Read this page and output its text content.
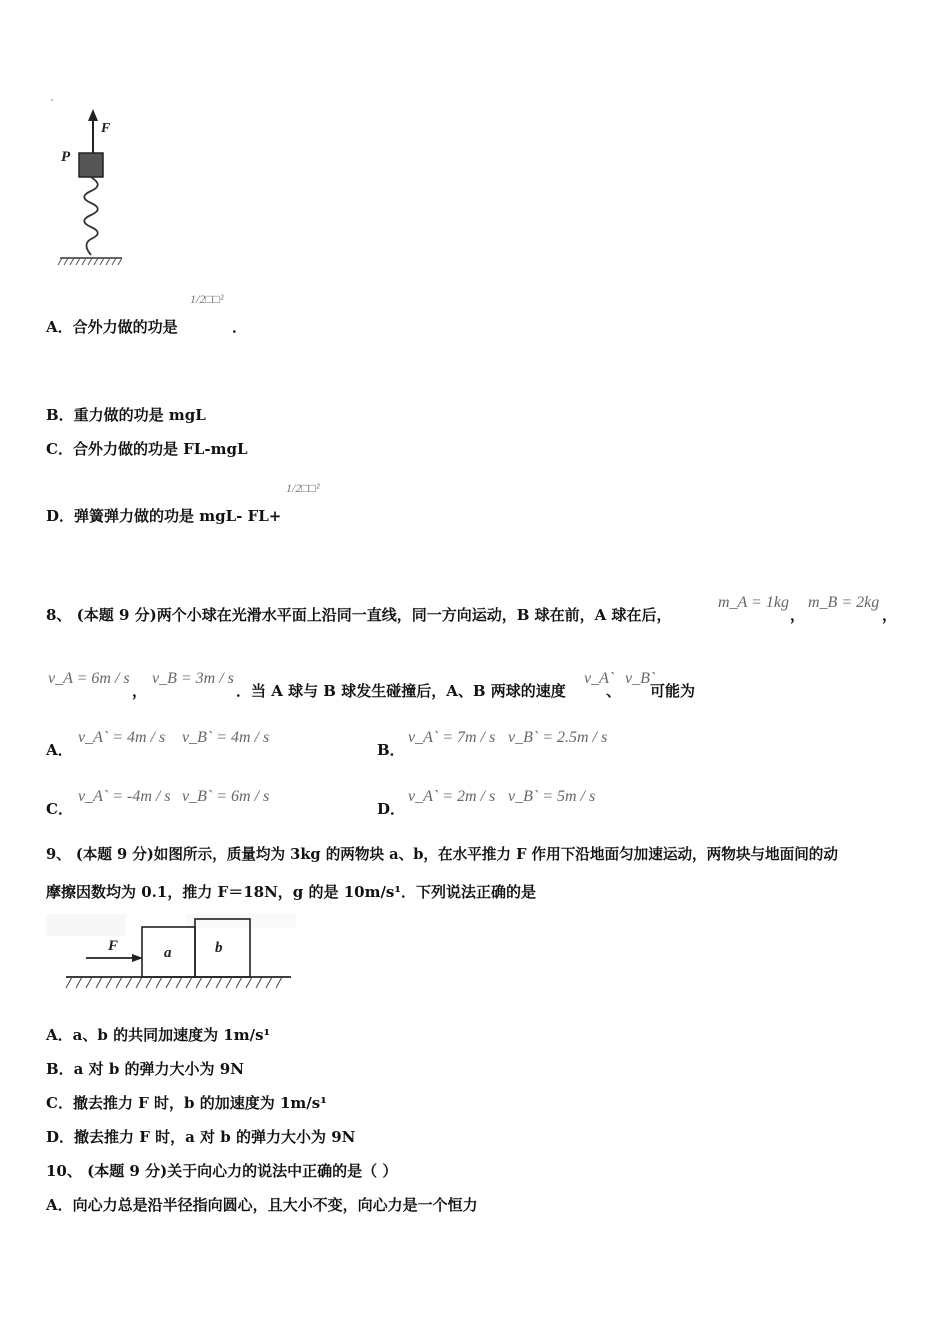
F
P
A．合外力做的功是
1/2□□²
．
B．重力做的功是 mgL
C．合外力做的功是 FL-mgL
D．弹簧弹力做的功是 mgL- FL+
1/2□□²
8、 (本题 9 分)两个小球在光滑水平面上沿同一直线，同一方向运动，B 球在前，A 球在后，
m_A = 1kg
，
m_B = 2kg
，
v_A = 6m / s
，
v_B = 3m / s
．当 A 球与 B 球发生碰撞后，A、B 两球的速度
v_A`
、
v_B`
可能为
A．
v_A` = 4m / s v_B` = 4m / s
B．
v_A` = 7m / s v_B` = 2.5m / s
C．
v_A` = -4m / s v_B` = 6m / s
D．
v_A` = 2m / s v_B` = 5m / s
9、 (本题 9 分)如图所示，质量均为 3kg 的两物块 a、b，在水平推力 F 作用下沿地面匀加速运动，两物块与地面间的动
摩擦因数均为 0.1，推力 F＝18N，g 的是 10m/s¹．下列说法正确的是
F	a	b
A．a、b 的共同加速度为 1m/s¹
B．a 对 b 的弹力大小为 9N
C．撤去推力 F 时，b 的加速度为 1m/s¹
D．撤去推力 F 时，a 对 b 的弹力大小为 9N
10、 (本题 9 分)关于向心力的说法中正确的是（ ）
A．向心力总是沿半径指向圆心，且大小不变，向心力是一个恒力
